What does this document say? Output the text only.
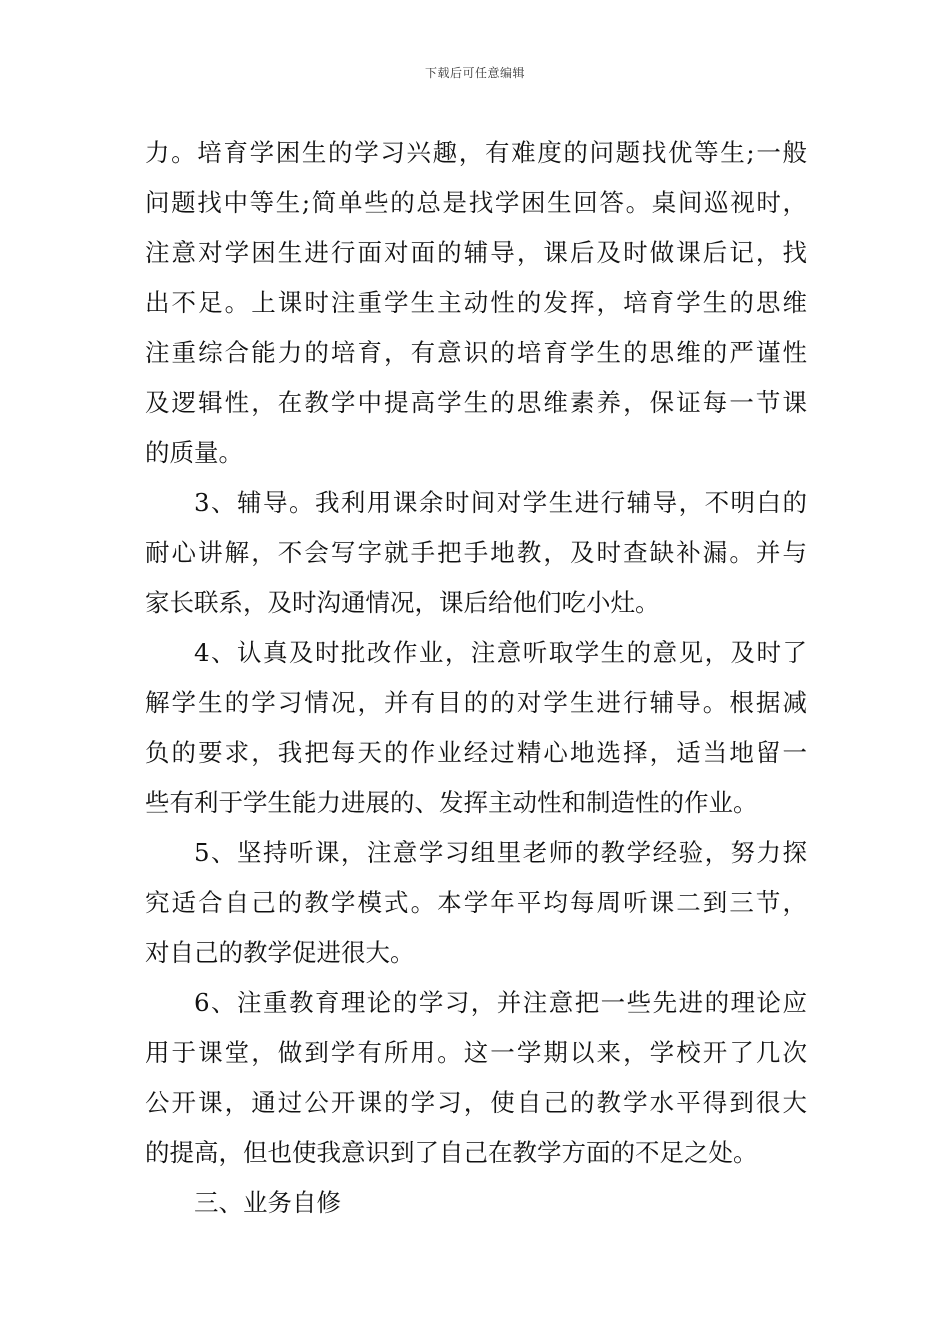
下载后可任意编辑
力。培育学困生的学习兴趣，有难度的问题找优等生;一般
问题找中等生;简单些的总是找学困生回答。桌间巡视时，
注意对学困生进行面对面的辅导，课后及时做课后记，找
出不足。上课时注重学生主动性的发挥，培育学生的思维
注重综合能力的培育，有意识的培育学生的思维的严谨性
及逻辑性，在教学中提高学生的思维素养，保证每一节课
的质量。
3、辅导。我利用课余时间对学生进行辅导，不明白的
耐心讲解，不会写字就手把手地教，及时查缺补漏。并与
家长联系，及时沟通情况，课后给他们吃小灶。
4、认真及时批改作业，注意听取学生的意见，及时了
解学生的学习情况，并有目的的对学生进行辅导。根据减
负的要求，我把每天的作业经过精心地选择，适当地留一
些有利于学生能力进展的、发挥主动性和制造性的作业。
5、坚持听课，注意学习组里老师的教学经验，努力探
究适合自己的教学模式。本学年平均每周听课二到三节，
对自己的教学促进很大。
6、注重教育理论的学习，并注意把一些先进的理论应
用于课堂，做到学有所用。这一学期以来，学校开了几次
公开课，通过公开课的学习，使自己的教学水平得到很大
的提高，但也使我意识到了自己在教学方面的不足之处。
三、业务自修
